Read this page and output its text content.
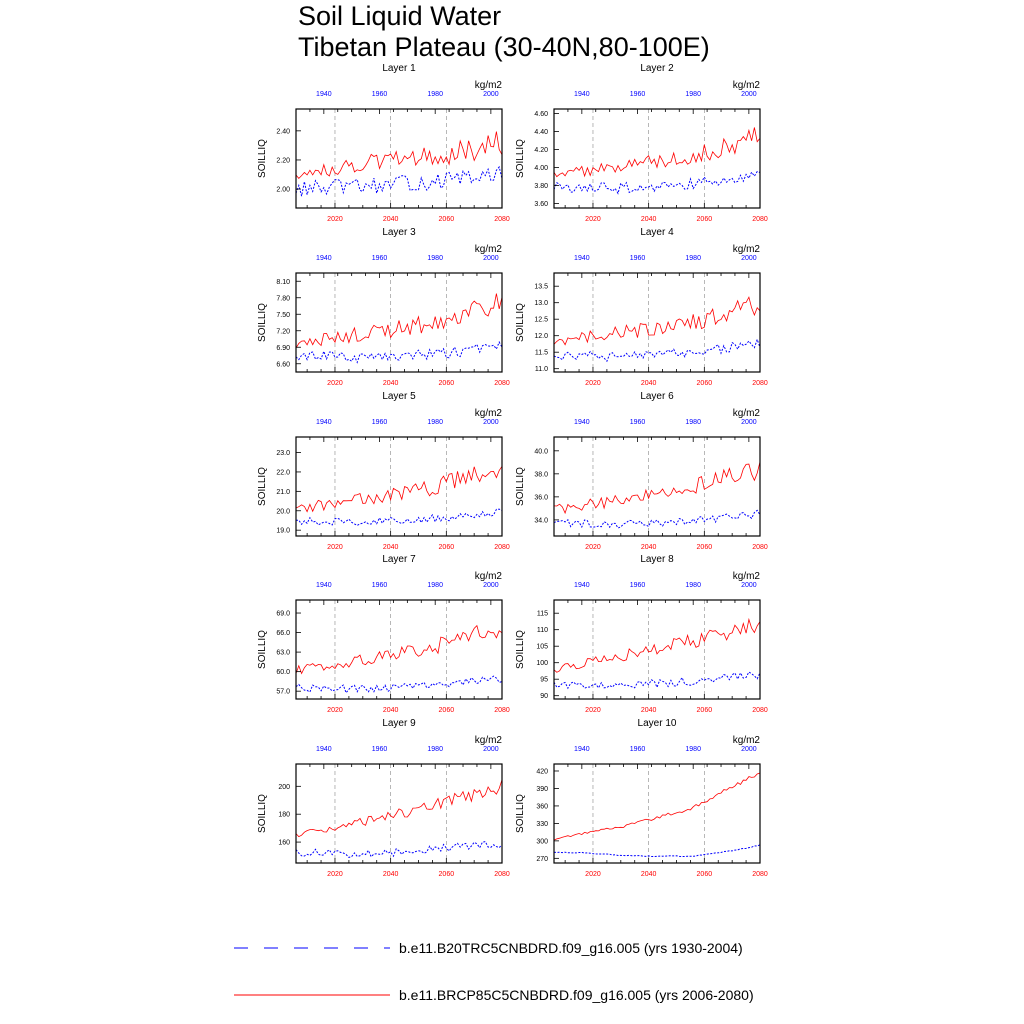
Soil Liquid Water
Tibetan Plateau (30-40N,80-100E)
Layer 1
kg/m2
SOILLIQ
2020	2040	2060	2080
1940	1960	1980	2000
2.00
2.20
2.40
Layer 2
kg/m2
SOILLIQ
2020	2040	2060	2080
1940	1960	1980	2000
3.60
3.80
4.00
4.20
4.40
4.60
Layer 3
kg/m2
SOILLIQ
2020	2040	2060	2080
1940	1960	1980	2000
6.60
6.90
7.20
7.50
7.80
8.10
Layer 4
kg/m2
SOILLIQ
2020	2040	2060	2080
1940	1960	1980	2000
11.0
11.5
12.0
12.5
13.0
13.5
Layer 5
kg/m2
SOILLIQ
2020	2040	2060	2080
1940	1960	1980	2000
19.0
20.0
21.0
22.0
23.0
Layer 6
kg/m2
SOILLIQ
2020	2040	2060	2080
1940	1960	1980	2000
34.0
36.0
38.0
40.0
Layer 7
kg/m2
SOILLIQ
2020	2040	2060	2080
1940	1960	1980	2000
57.0
60.0
63.0
66.0
69.0
Layer 8
kg/m2
SOILLIQ
2020	2040	2060	2080
1940	1960	1980	2000
90
95
100
105
110
115
Layer 9
kg/m2
SOILLIQ
2020	2040	2060	2080
1940	1960	1980	2000
160
180
200
Layer 10
kg/m2
SOILLIQ
2020	2040	2060	2080
1940	1960	1980	2000
270
300
330
360
390
420
b.e11.B20TRC5CNBDRD.f09_g16.005 (yrs 1930-2004)
b.e11.BRCP85C5CNBDRD.f09_g16.005 (yrs 2006-2080)
